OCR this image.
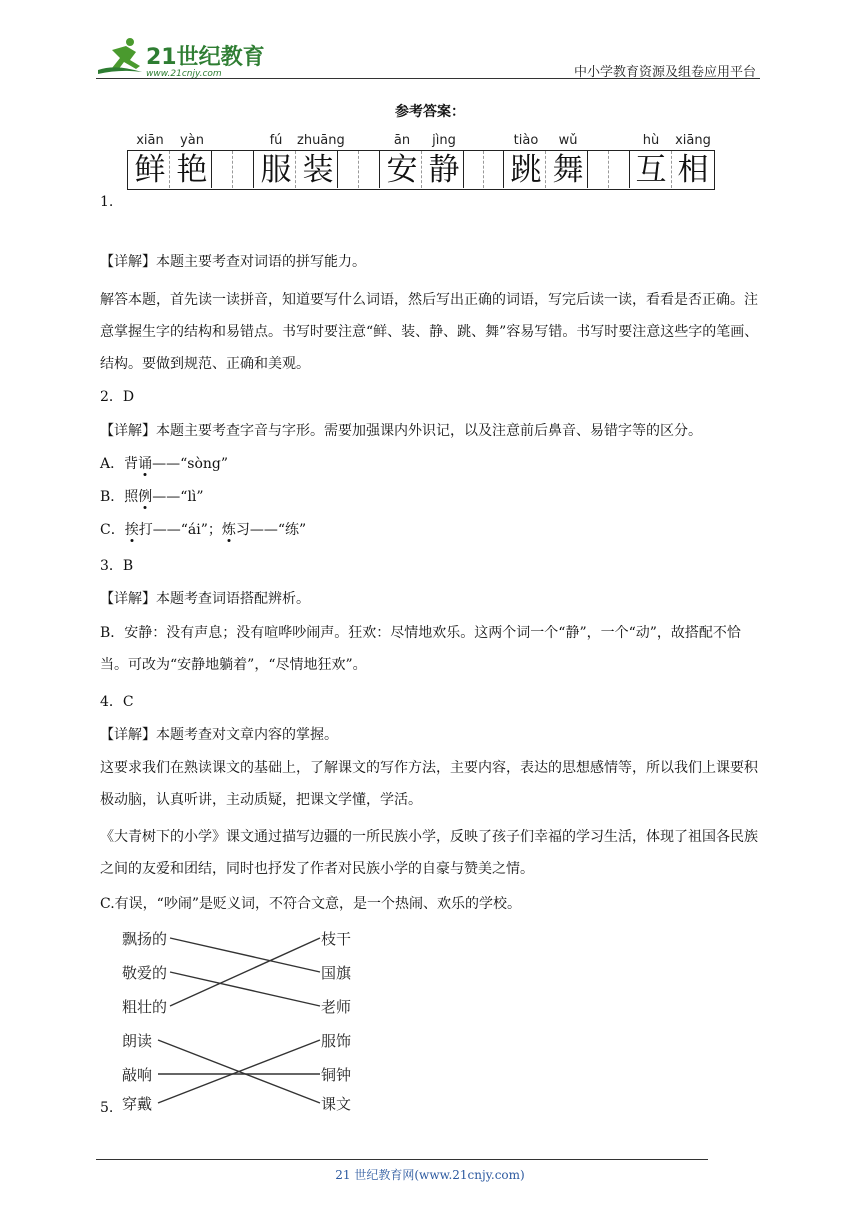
21世纪教育
www.21cnjy.com	中小学教育资源及组卷应用平台
参考答案：
xiān	yàn	fú	zhuāng	ān	jìng	tiào	wǔ	hù	xiāng
鲜 艳 服 装 安 静 跳 舞 互 相
1.
【详解】本题主要考查对词语的拼写能力。
解答本题，首先读一读拼音，知道要写什么词语，然后写出正确的词语，写完后读一读，看看是否正确。注意掌握生字的结构和易错点。书写时要注意“鲜、装、静、跳、舞”容易写错。书写时要注意这些字的笔画、结构。要做到规范、正确和美观。
2．D
【详解】本题主要考查字音与字形。需要加强课内外识记，以及注意前后鼻音、易错字等的区分。
A．背诵——“sòng”
B．照例——“lì”
C．挨打——“ái”；炼习——“练”
3．B
【详解】本题考查词语搭配辨析。
B．安静：没有声息；没有喧哗吵闹声。狂欢：尽情地欢乐。这两个词一个“静”，一个“动”，故搭配不恰当。可改为“安静地躺着”，“尽情地狂欢”。
4．C
【详解】本题考查对文章内容的掌握。
这要求我们在熟读课文的基础上，了解课文的写作方法，主要内容，表达的思想感情等，所以我们上课要积极动脑，认真听讲，主动质疑，把课文学懂，学活。
《大青树下的小学》课文通过描写边疆的一所民族小学，反映了孩子们幸福的学习生活，体现了祖国各民族之间的友爱和团结，同时也抒发了作者对民族小学的自豪与赞美之情。
C.有误，“吵闹”是贬义词，不符合文意，是一个热闹、欢乐的学校。
飘扬的
敬爱的
粗壮的
朗读
敲响
穿戴
枝干
国旗
老师
服饰
铜钟
课文
5.
21 世纪教育网(www.21cnjy.com)
